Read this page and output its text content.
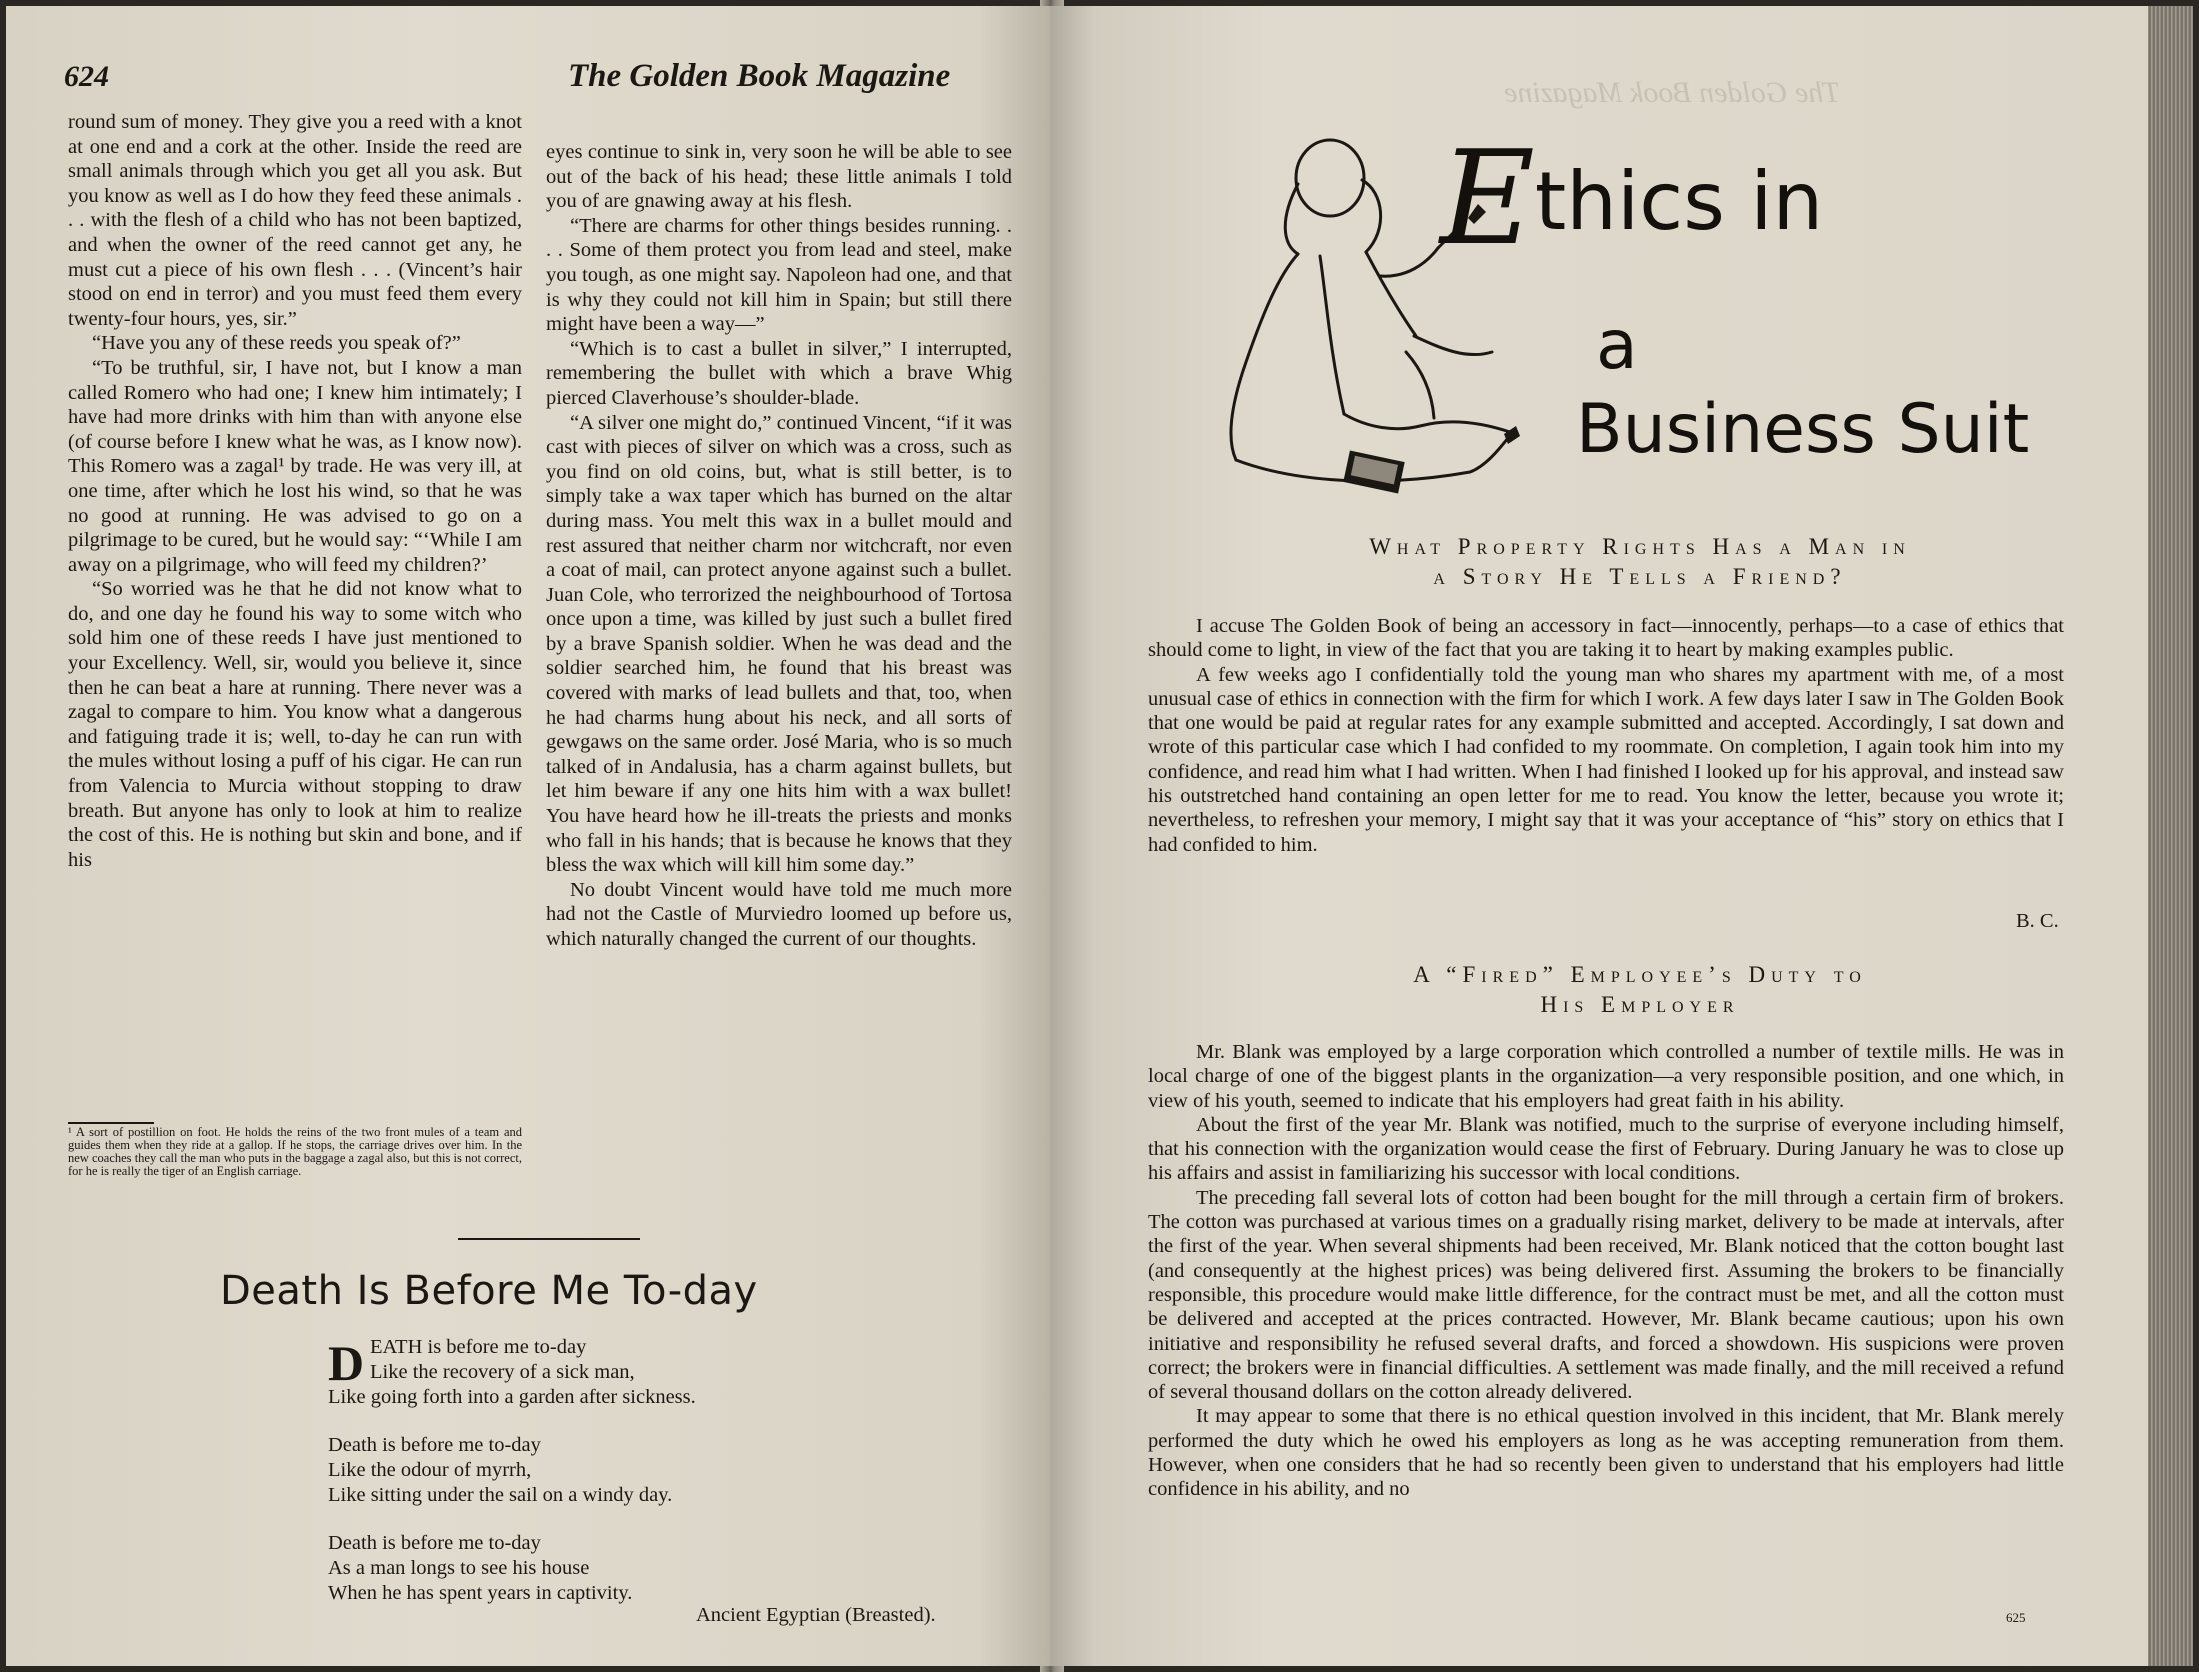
624	The Golden Book Magazine

round sum of money. They give you a reed with a knot at one end and a cork at the other. Inside the reed are small animals through which you get all you ask. But you know as well as I do how they feed these animals . . . with the flesh of a child who has not been baptized, and when the owner of the reed cannot get any, he must cut a piece of his own flesh . . . (Vincent’s hair stood on end in terror) and you must feed them every twenty-four hours, yes, sir.”

“Have you any of these reeds you speak of?”

“To be truthful, sir, I have not, but I know a man called Romero who had one; I knew him intimately; I have had more drinks with him than with anyone else (of course before I knew what he was, as I know now). This Romero was a zagal¹ by trade. He was very ill, at one time, after which he lost his wind, so that he was no good at running. He was advised to go on a pilgrimage to be cured, but he would say: “‘While I am away on a pilgrimage, who will feed my children?’

“So worried was he that he did not know what to do, and one day he found his way to some witch who sold him one of these reeds I have just mentioned to your Excellency. Well, sir, would you believe it, since then he can beat a hare at running. There never was a zagal to compare to him. You know what a dangerous and fatiguing trade it is; well, to-day he can run with the mules without losing a puff of his cigar. He can run from Valencia to Murcia without stopping to draw breath. But anyone has only to look at him to realize the cost of this. He is nothing but skin and bone, and if his

¹ A sort of postillion on foot. He holds the reins of the two front mules of a team and guides them when they ride at a gallop. If he stops, the carriage drives over him. In the new coaches they call the man who puts in the baggage a zagal also, but this is not correct, for he is really the tiger of an English carriage.

eyes continue to sink in, very soon he will be able to see out of the back of his head; these little animals I told you of are gnawing away at his flesh.

“There are charms for other things besides running. . . . Some of them protect you from lead and steel, make you tough, as one might say. Napoleon had one, and that is why they could not kill him in Spain; but still there might have been a way—”

“Which is to cast a bullet in silver,” I interrupted, remembering the bullet with which a brave Whig pierced Claverhouse’s shoulder-blade.

“A silver one might do,” continued Vincent, “if it was cast with pieces of silver on which was a cross, such as you find on old coins, but, what is still better, is to simply take a wax taper which has burned on the altar during mass. You melt this wax in a bullet mould and rest assured that neither charm nor witchcraft, nor even a coat of mail, can protect anyone against such a bullet. Juan Cole, who terrorized the neighbourhood of Tortosa once upon a time, was killed by just such a bullet fired by a brave Spanish soldier. When he was dead and the soldier searched him, he found that his breast was covered with marks of lead bullets and that, too, when he had charms hung about his neck, and all sorts of gewgaws on the same order. José Maria, who is so much talked of in Andalusia, has a charm against bullets, but let him beware if any one hits him with a wax bullet! You have heard how he ill-treats the priests and monks who fall in his hands; that is because he knows that they bless the wax which will kill him some day.”

No doubt Vincent would have told me much more had not the Castle of Murviedro loomed up before us, which naturally changed the current of our thoughts.

Death Is Before Me To-day
D EATH is before me to-day
Like the recovery of a sick man,
Like going forth into a garden after sickness.
Death is before me to-day
Like the odour of myrrh,
Like sitting under the sail on a windy day.
Death is before me to-day
As a man longs to see his house
When he has spent years in captivity.
Ancient Egyptian (Breasted).
The Golden Book Magazine
Ethics in
a
Business Suit
What Property Rights Has a Man in
a Story He Tells a Friend?

I accuse The Golden Book of being an accessory in fact—innocently, perhaps—to a case of ethics that should come to light, in view of the fact that you are taking it to heart by making examples public.

A few weeks ago I confidentially told the young man who shares my apartment with me, of a most unusual case of ethics in connection with the firm for which I work. A few days later I saw in The Golden Book that one would be paid at regular rates for any example submitted and accepted. Accordingly, I sat down and wrote of this particular case which I had confided to my roommate. On completion, I again took him into my confidence, and read him what I had written. When I had finished I looked up for his approval, and instead saw his outstretched hand containing an open letter for me to read. You know the letter, because you wrote it; nevertheless, to refreshen your memory, I might say that it was your acceptance of “his” story on ethics that I had confided to him.

B. C.
A “Fired” Employee’s Duty to
His Employer

Mr. Blank was employed by a large corporation which controlled a number of textile mills. He was in local charge of one of the biggest plants in the organization—a very responsible position, and one which, in view of his youth, seemed to indicate that his employers had great faith in his ability.

About the first of the year Mr. Blank was notified, much to the surprise of everyone including himself, that his connection with the organization would cease the first of February. During January he was to close up his affairs and assist in familiarizing his successor with local conditions.

The preceding fall several lots of cotton had been bought for the mill through a certain firm of brokers. The cotton was purchased at various times on a gradually rising market, delivery to be made at intervals, after the first of the year. When several shipments had been received, Mr. Blank noticed that the cotton bought last (and consequently at the highest prices) was being delivered first. Assuming the brokers to be financially responsible, this procedure would make little difference, for the contract must be met, and all the cotton must be delivered and accepted at the prices contracted. However, Mr. Blank became cautious; upon his own initiative and responsibility he refused several drafts, and forced a showdown. His suspicions were proven correct; the brokers were in financial difficulties. A settlement was made finally, and the mill received a refund of several thousand dollars on the cotton already delivered.

It may appear to some that there is no ethical question involved in this incident, that Mr. Blank merely performed the duty which he owed his employers as long as he was accepting remuneration from them. However, when one considers that he had so recently been given to understand that his employers had little confidence in his ability, and no

625
